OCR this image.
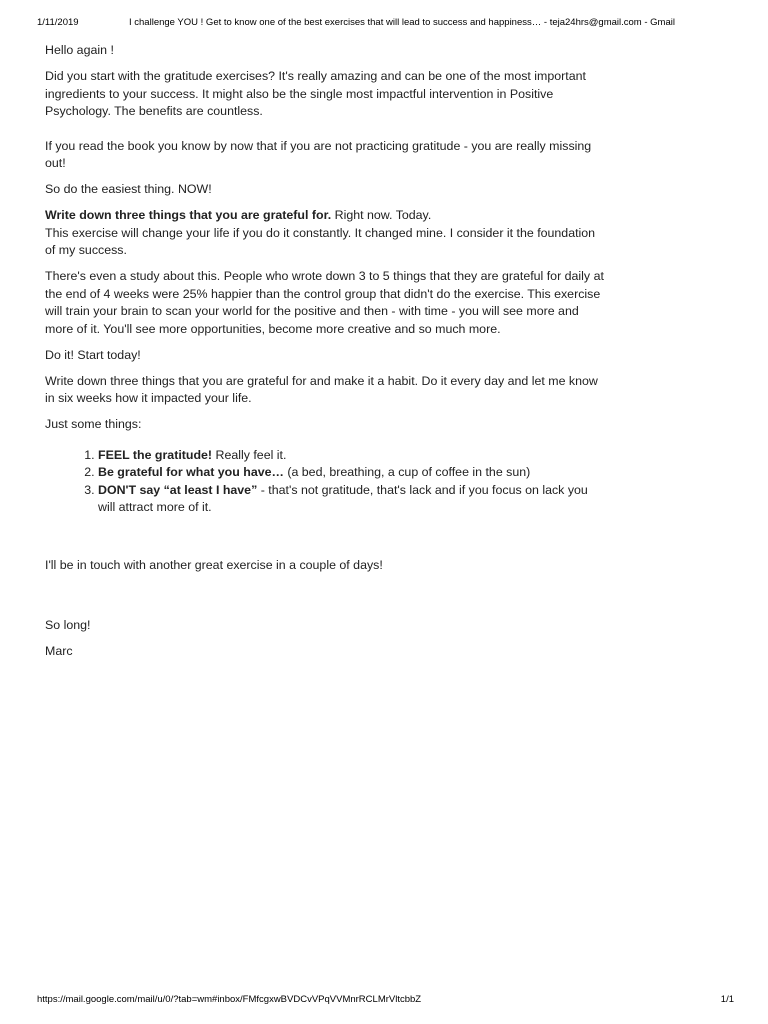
1/11/2019	I challenge YOU ! Get to know one of the best exercises that will lead to success and happiness… - teja24hrs@gmail.com - Gmail

Hello again !

Did you start with the gratitude exercises? It's really amazing and can be one of the most important ingredients to your success. It might also be the single most impactful intervention in Positive Psychology. The benefits are countless.

If you read the book you know by now that if you are not practicing gratitude - you are really missing out!

So do the easiest thing. NOW!

Write down three things that you are grateful for. Right now. Today.
This exercise will change your life if you do it constantly. It changed mine. I consider it the foundation of my success.

There's even a study about this. People who wrote down 3 to 5 things that they are grateful for daily at the end of 4 weeks were 25% happier than the control group that didn't do the exercise. This exercise will train your brain to scan your world for the positive and then - with time - you will see more and more of it. You'll see more opportunities, become more creative and so much more.

Do it! Start today!

Write down three things that you are grateful for and make it a habit. Do it every day and let me know in six weeks how it impacted your life.

Just some things:

1. FEEL the gratitude! Really feel it.
2. Be grateful for what you have… (a bed, breathing, a cup of coffee in the sun)
3. DON'T say “at least I have” - that's not gratitude, that's lack and if you focus on lack you will attract more of it.

I'll be in touch with another great exercise in a couple of days!

So long!

Marc

https://mail.google.com/mail/u/0/?tab=wm#inbox/FMfcgxwBVDCvVPqVVMnrRCLMrVltcbbZ	1/1
